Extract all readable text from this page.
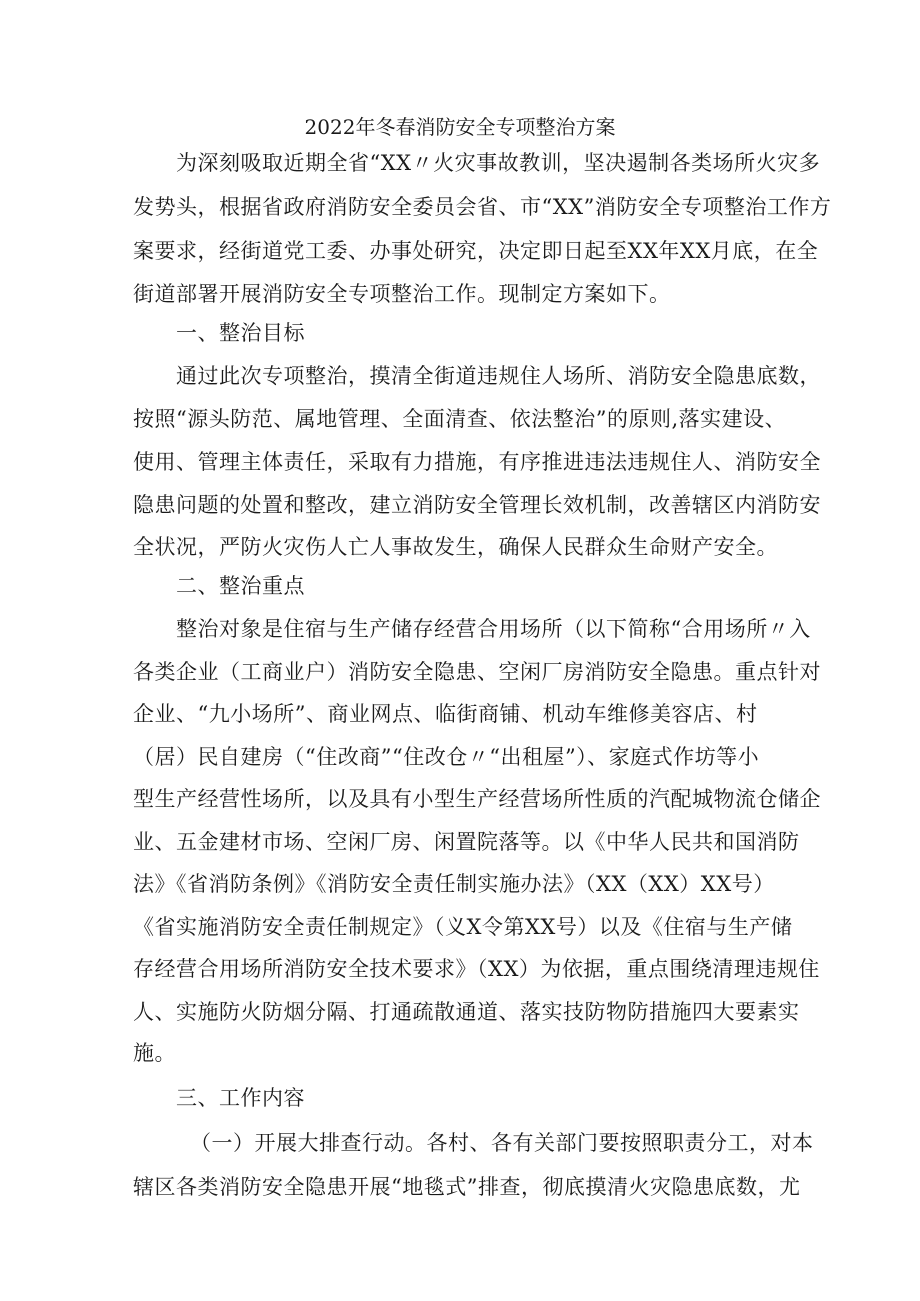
2022年冬春消防安全专项整治方案
为深刻吸取近期全省“XX〃火灾事故教训，坚决遏制各类场所火灾多
发势头，根据省政府消防安全委员会省、市“XX”消防安全专项整治工作方
案要求，经街道党工委、办事处研究，决定即日起至XX年XX月底，在全
街道部署开展消防安全专项整治工作。现制定方案如下。
一、整治目标
通过此次专项整治，摸清全街道违规住人场所、消防安全隐患底数，
按照“源头防范、属地管理、全面清查、依法整治”的原则,落实建设、
使用、管理主体责任，采取有力措施，有序推进违法违规住人、消防安全
隐患问题的处置和整改，建立消防安全管理长效机制，改善辖区内消防安
全状况，严防火灾伤人亡人事故发生，确保人民群众生命财产安全。
二、整治重点
整治对象是住宿与生产储存经营合用场所（以下简称“合用场所〃入
各类企业（工商业户）消防安全隐患、空闲厂房消防安全隐患。重点针对
企业、“九小场所”、商业网点、临街商铺、机动车维修美容店、村
（居）民自建房（“住改商”“住改仓〃“出租屋”）、家庭式作坊等小
型生产经营性场所，以及具有小型生产经营场所性质的汽配城物流仓储企
业、五金建材市场、空闲厂房、闲置院落等。以《中华人民共和国消防
法》《省消防条例》《消防安全责任制实施办法》（XX（XX）XX号）
《省实施消防安全责任制规定》（义X令第XX号）以及《住宿与生产储
存经营合用场所消防安全技术要求》（XX）为依据，重点围绕清理违规住
人、实施防火防烟分隔、打通疏散通道、落实技防物防措施四大要素实
施。
三、工作内容
（一）开展大排查行动。各村、各有关部门要按照职责分工，对本
辖区各类消防安全隐患开展“地毯式”排查，彻底摸清火灾隐患底数，尤
